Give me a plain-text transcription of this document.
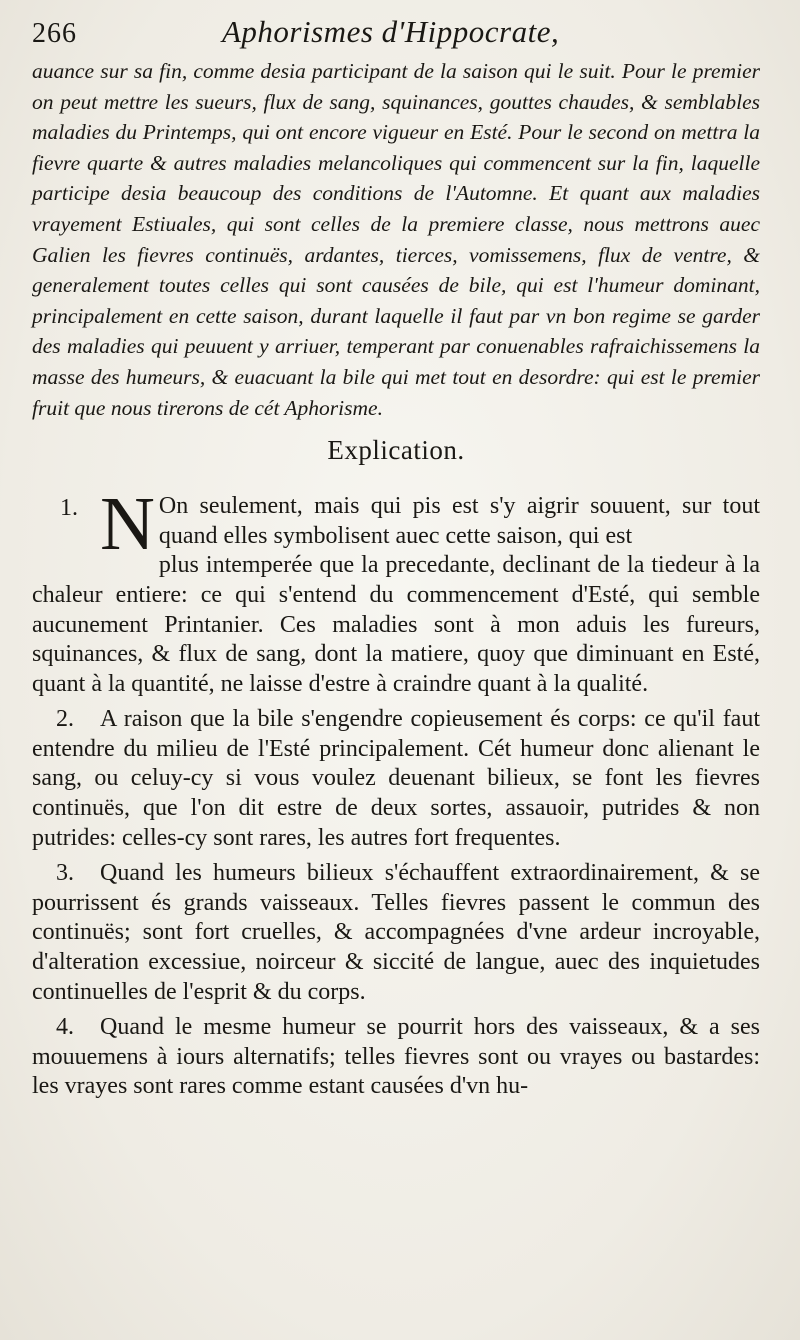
266	Aphorismes d'Hippocrate,

auance sur sa fin, comme desia participant de la saison qui le suit. Pour le premier on peut mettre les sueurs, flux de sang, squinances, gouttes chaudes, & semblables maladies du Printemps, qui ont encore vigueur en Esté. Pour le second on mettra la fievre quarte & autres maladies melancoliques qui commencent sur la fin, laquelle participe desia beaucoup des conditions de l'Automne. Et quant aux maladies vrayement Estiuales, qui sont celles de la premiere classe, nous mettrons auec Galien les fievres continuës, ardantes, tierces, vomissemens, flux de ventre, & generalement toutes celles qui sont causées de bile, qui est l'humeur dominant, principalement en cette saison, durant laquelle il faut par vn bon regime se garder des maladies qui peuuent y arriuer, temperant par conuenables rafraichissemens la masse des humeurs, & euacuant la bile qui met tout en desordre: qui est le premier fruit que nous tirerons de cét Aphorisme.

Explication.

1. N On seulement, mais qui pis est s'y aigrir souuent, sur tout quand elles symbolisent auec cette saison, qui est
plus intemperée que la precedante, declinant de la tiedeur à la chaleur entiere: ce qui s'entend du commencement d'Esté, qui semble aucunement Printanier. Ces maladies sont à mon aduis les fureurs, squinances, & flux de sang, dont la matiere, quoy que diminuant en Esté, quant à la quantité, ne laisse d'estre à craindre quant à la qualité.

2. A raison que la bile s'engendre copieusement és corps: ce qu'il faut entendre du milieu de l'Esté principalement. Cét humeur donc alienant le sang, ou celuy-cy si vous voulez deuenant bilieux, se font les fievres continuës, que l'on dit estre de deux sortes, assauoir, putrides & non putrides: celles-cy sont rares, les autres fort frequentes.

3. Quand les humeurs bilieux s'échauffent extraordinairement, & se pourrissent és grands vaisseaux. Telles fievres passent le commun des continuës; sont fort cruelles, & accompagnées d'vne ardeur incroyable, d'alteration excessiue, noirceur & siccité de langue, auec des inquietudes continuelles de l'esprit & du corps.

4. Quand le mesme humeur se pourrit hors des vaisseaux, & a ses mouuemens à iours alternatifs; telles fievres sont ou vrayes ou bastardes: les vrayes sont rares comme estant causées d'vn hu-
